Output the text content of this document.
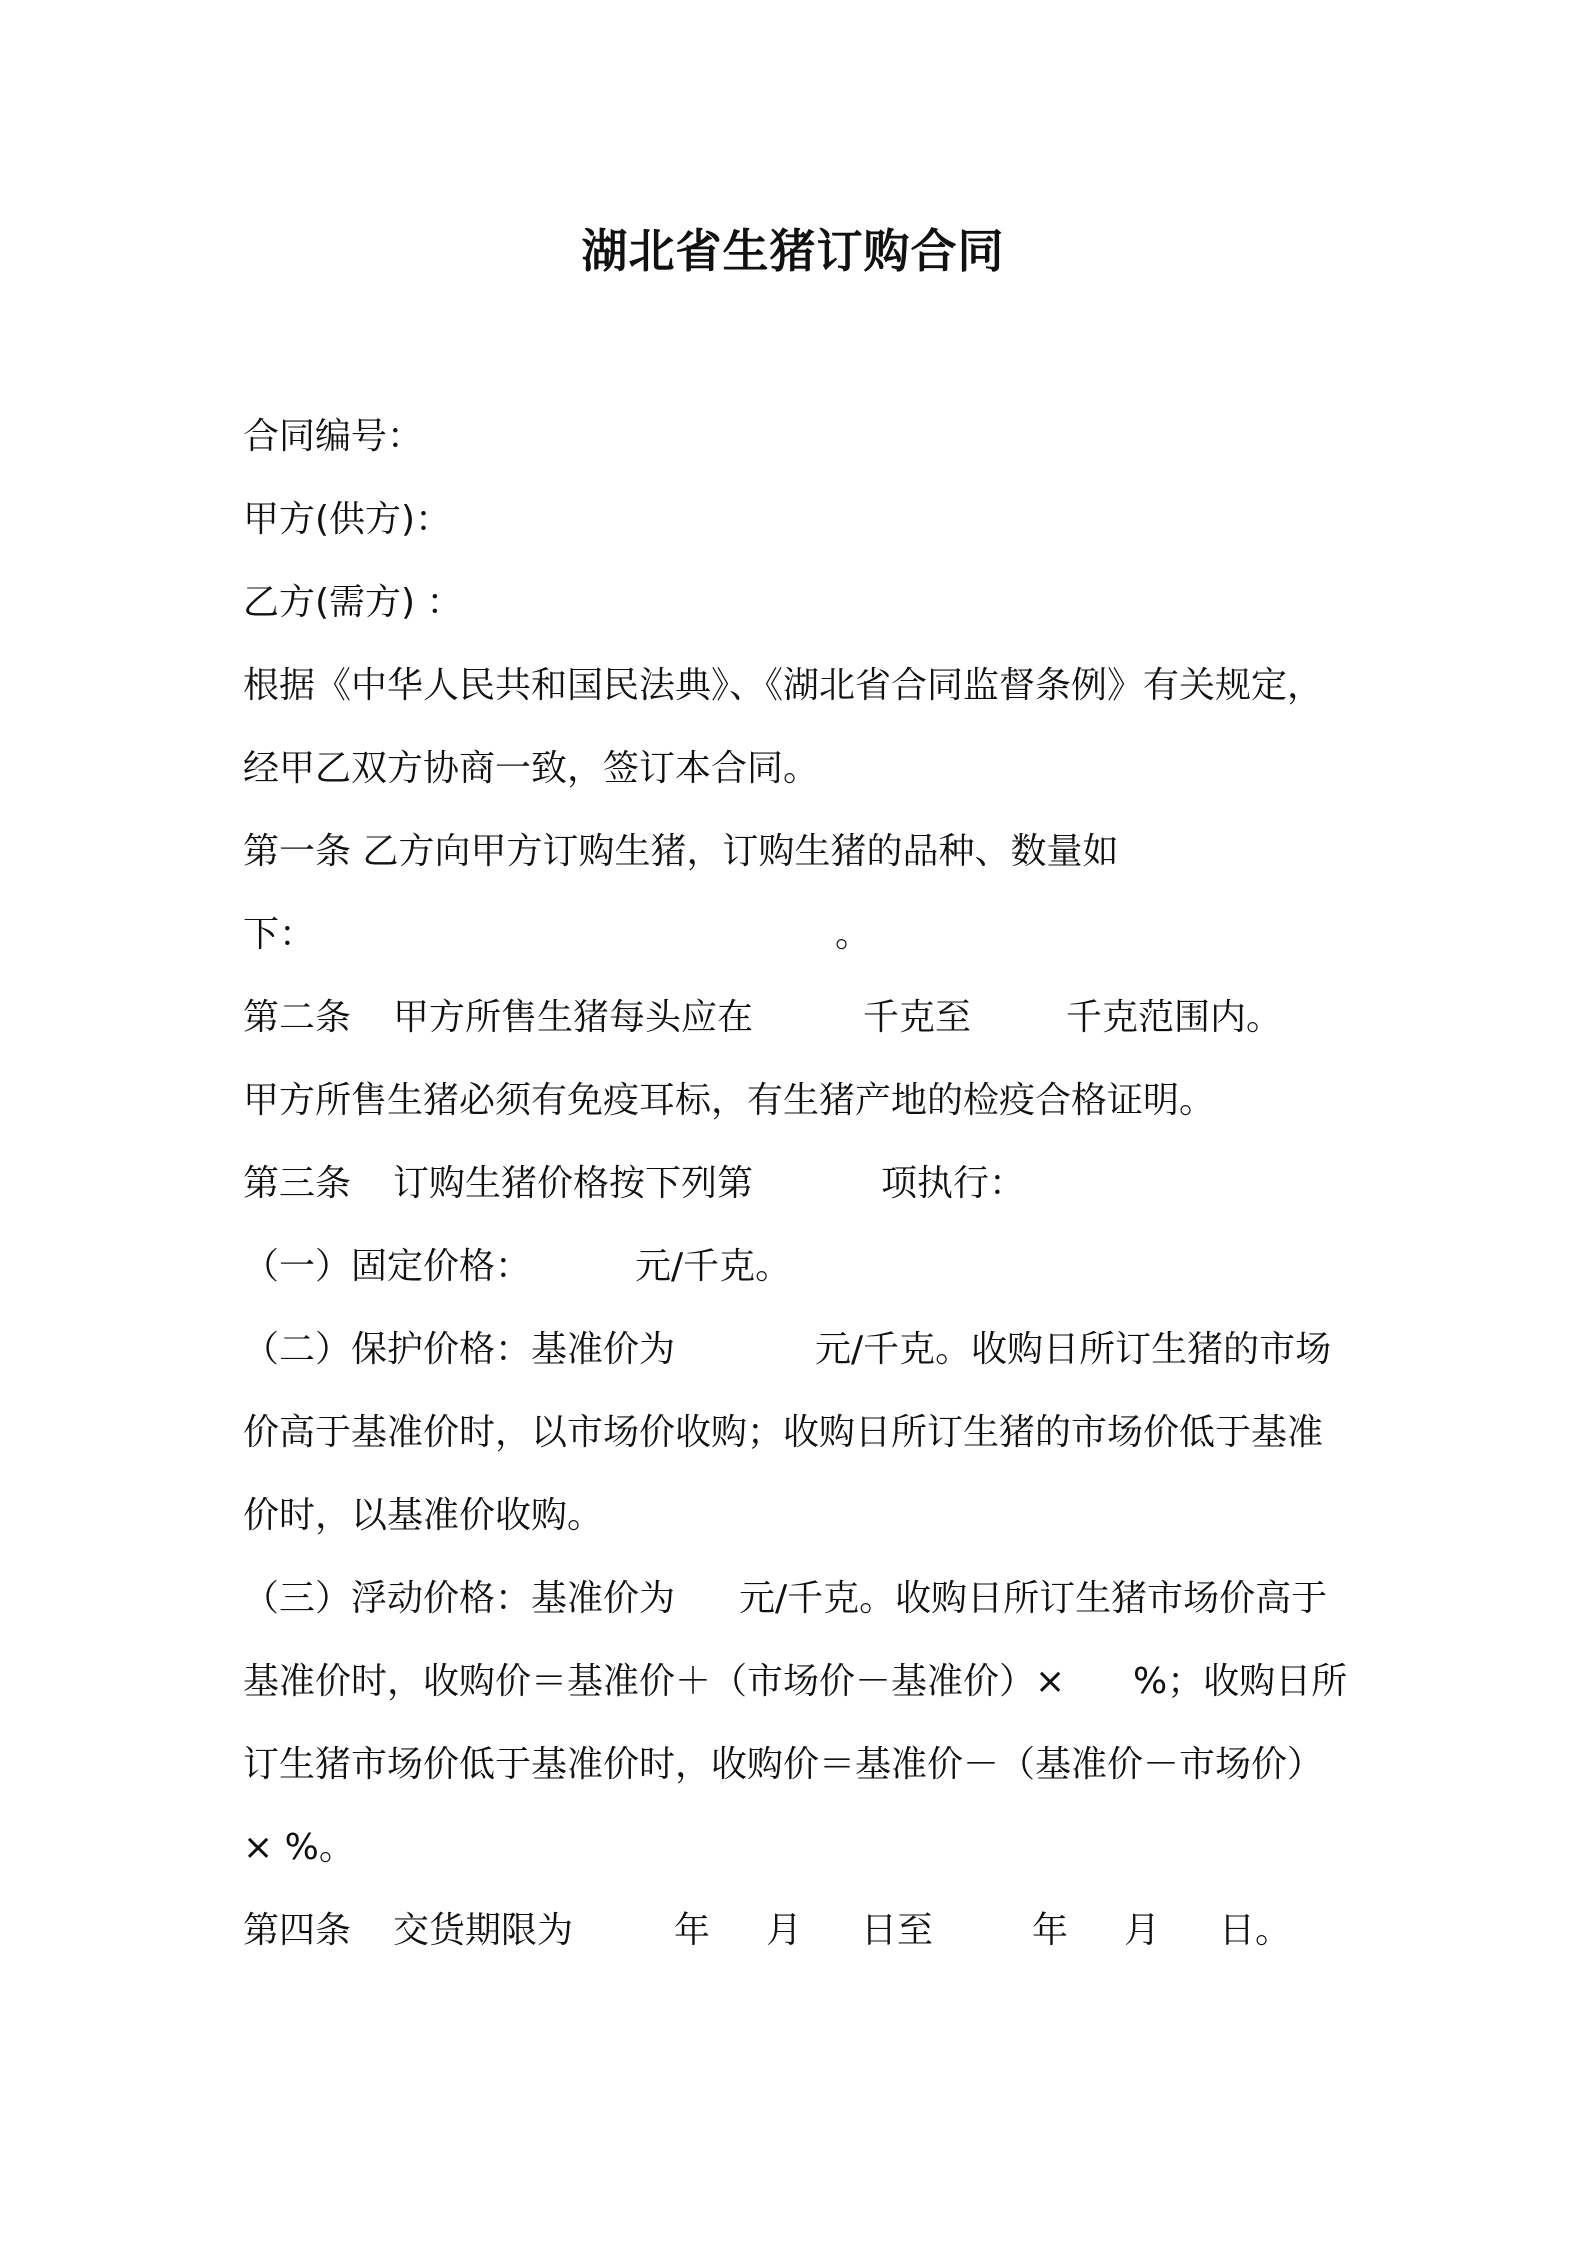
湖北省生猪订购合同
合同编号：
甲方(供方)：
乙方(需方) ：
根据《中华人民共和国民法典》、《湖北省合同监督条例》有关规定，
经甲乙双方协商一致，签订本合同。
第一条 乙方向甲方订购生猪，订购生猪的品种、数量如
下：	。
第二条 甲方所售生猪每头应在	千克至	千克范围内。
甲方所售生猪必须有免疫耳标，有生猪产地的检疫合格证明。
第三条 订购生猪价格按下列第	项执行：
（一）固定价格：	元/千克。
（二）保护价格：基准价为	元/千克。收购日所订生猪的市场
价高于基准价时，以市场价收购；收购日所订生猪的市场价低于基准
价时，以基准价收购。
（三）浮动价格：基准价为 元/千克。收购日所订生猪市场价高于
基准价时，收购价＝基准价＋（市场价－基准价）× %；收购日所
订生猪市场价低于基准价时，收购价＝基准价－（基准价－市场价）
× %。
第四条 交货期限为	年 月 日至	年 月 日。
